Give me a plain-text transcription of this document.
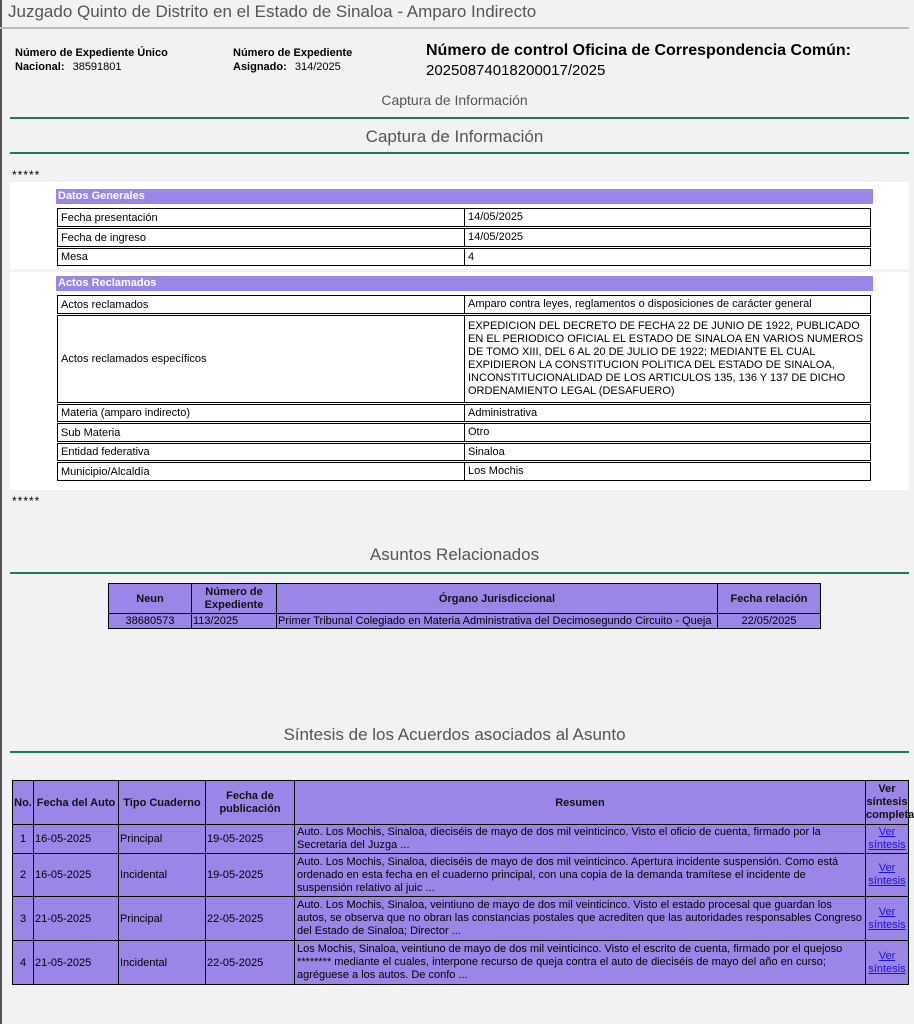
Juzgado Quinto de Distrito en el Estado de Sinaloa - Amparo Indirecto
Número de Expediente Único
Nacional: 38591801
Número de Expediente
Asignado: 314/2025
Número de control Oficina de Correspondencia Común:
20250874018200017/2025
Captura de Información
Captura de Información
*****
Datos Generales
Fecha presentación	14/05/2025
Fecha de ingreso	14/05/2025
Mesa	4
Actos Reclamados
Actos reclamados	Amparo contra leyes, reglamentos o disposiciones de carácter general
Actos reclamados específicos
EXPEDICION DEL DECRETO DE FECHA 22 DE JUNIO DE 1922, PUBLICADO EN EL PERIODICO OFICIAL EL ESTADO DE SINALOA EN VARIOS NUMEROS DE TOMO XIII, DEL 6 AL 20 DE JULIO DE 1922; MEDIANTE EL CUAL EXPIDIERON LA CONSTITUCION POLITICA DEL ESTADO DE SINALOA, INCONSTITUCIONALIDAD DE LOS ARTICULOS 135, 136 Y 137 DE DICHO ORDENAMIENTO LEGAL (DESAFUERO)
Materia (amparo indirecto)	Administrativa
Sub Materia	Otro
Entidad federativa	Sinaloa
Municipio/Alcaldía	Los Mochis
*****
Asuntos Relacionados
Neun	Número de Expediente	Órgano Jurisdiccional	Fecha relación
38680573	113/2025	Primer Tribunal Colegiado en Materia Administrativa del Decimosegundo Circuito - Queja	22/05/2025
Síntesis de los Acuerdos asociados al Asunto
No.	Fecha del Auto	Tipo Cuaderno	Fecha de publicación	Resumen	Ver síntesis completa
1	16-05-2025	Principal	19-05-2025	Auto. Los Mochis, Sinaloa, dieciséis de mayo de dos mil veinticinco. Visto el oficio de cuenta, firmado por la Secretaria del Juzga ...	Ver síntesis
2	16-05-2025	Incidental	19-05-2025	Auto. Los Mochis, Sinaloa, dieciséis de mayo de dos mil veinticinco. Apertura incidente suspensión. Como está ordenado en esta fecha en el cuaderno principal, con una copia de la demanda tramítese el incidente de suspensión relativo al juic ...	Ver síntesis
3	21-05-2025	Principal	22-05-2025	Auto. Los Mochis, Sinaloa, veintiuno de mayo de dos mil veinticinco. Visto el estado procesal que guardan los autos, se observa que no obran las constancias postales que acrediten que las autoridades responsables Congreso del Estado de Sinaloa; Director ...	Ver síntesis
4	21-05-2025	Incidental	22-05-2025	Los Mochis, Sinaloa, veintiuno de mayo de dos mil veinticinco. Visto el escrito de cuenta, firmado por el quejoso ******** mediante el cuales, interpone recurso de queja contra el auto de dieciséis de mayo del año en curso; agréguese a los autos. De confo ...	Ver síntesis
